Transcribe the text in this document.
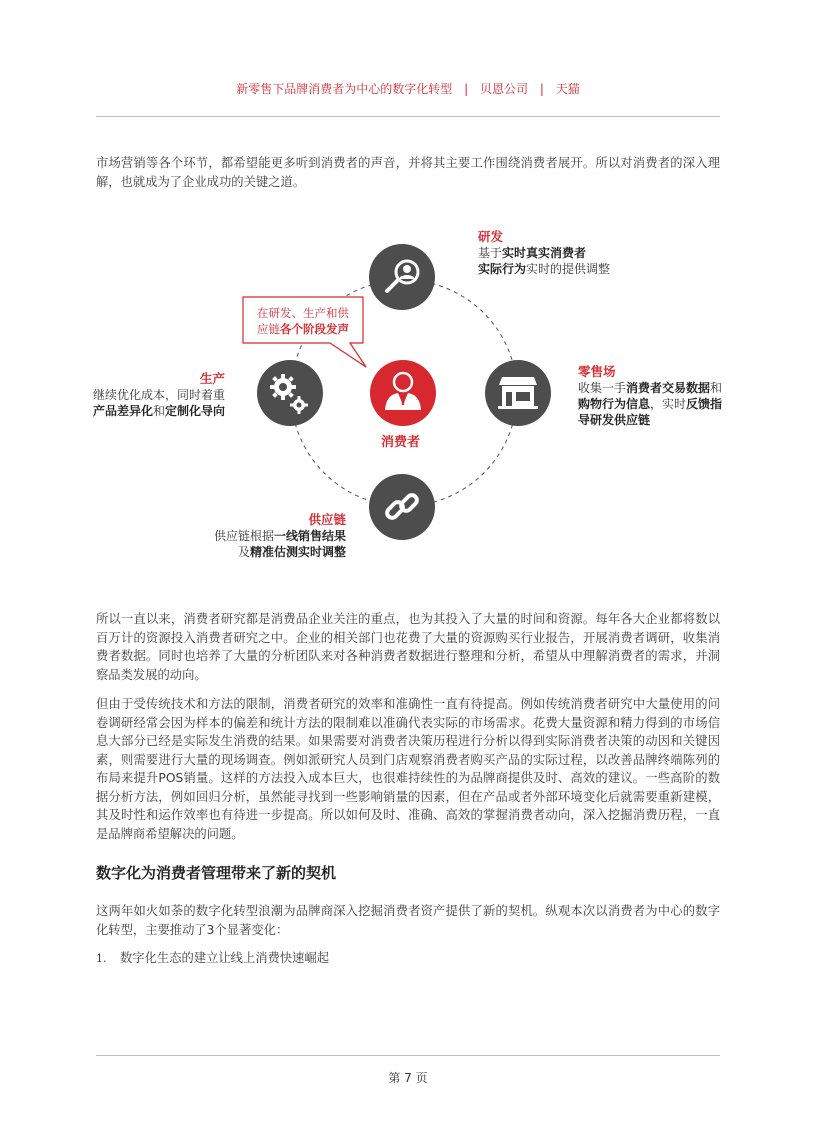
新零售下品牌消费者为中心的数字化转型 | 贝恩公司 | 天猫

市场营销等各个环节，都希望能更多听到消费者的声音，并将其主要工作围绕消费者展开。所以对消费者的深入理解，也就成为了企业成功的关键之道。

在研发、生产和供
应链各个阶段发声
消费者
研发
基于实时真实消费者
实际行为实时的提供调整
零售场
收集一手消费者交易数据和
购物行为信息，实时反馈指
导研发供应链
生产
继续优化成本，同时着重
产品差异化和定制化导向
供应链
供应链根据一线销售结果
及精准估测实时调整

所以一直以来，消费者研究都是消费品企业关注的重点，也为其投入了大量的时间和资源。每年各大企业都将数以百万计的资源投入消费者研究之中。企业的相关部门也花费了大量的资源购买行业报告，开展消费者调研，收集消费者数据。同时也培养了大量的分析团队来对各种消费者数据进行整理和分析，希望从中理解消费者的需求，并洞察品类发展的动向。

但由于受传统技术和方法的限制，消费者研究的效率和准确性一直有待提高。例如传统消费者研究中大量使用的问卷调研经常会因为样本的偏差和统计方法的限制难以准确代表实际的市场需求。花费大量资源和精力得到的市场信息大部分已经是实际发生消费的结果。如果需要对消费者决策历程进行分析以得到实际消费者决策的动因和关键因素，则需要进行大量的现场调查。例如派研究人员到门店观察消费者购买产品的实际过程，以改善品牌终端陈列的布局来提升POS销量。这样的方法投入成本巨大，也很难持续性的为品牌商提供及时、高效的建议。一些高阶的数据分析方法，例如回归分析，虽然能寻找到一些影响销量的因素，但在产品或者外部环境变化后就需要重新建模，其及时性和运作效率也有待进一步提高。所以如何及时、准确、高效的掌握消费者动向，深入挖掘消费历程，一直是品牌商希望解决的问题。

数字化为消费者管理带来了新的契机

这两年如火如荼的数字化转型浪潮为品牌商深入挖掘消费者资产提供了新的契机。纵观本次以消费者为中心的数字化转型，主要推动了3个显著变化：

1. 数字化生态的建立让线上消费快速崛起
第 7 页
